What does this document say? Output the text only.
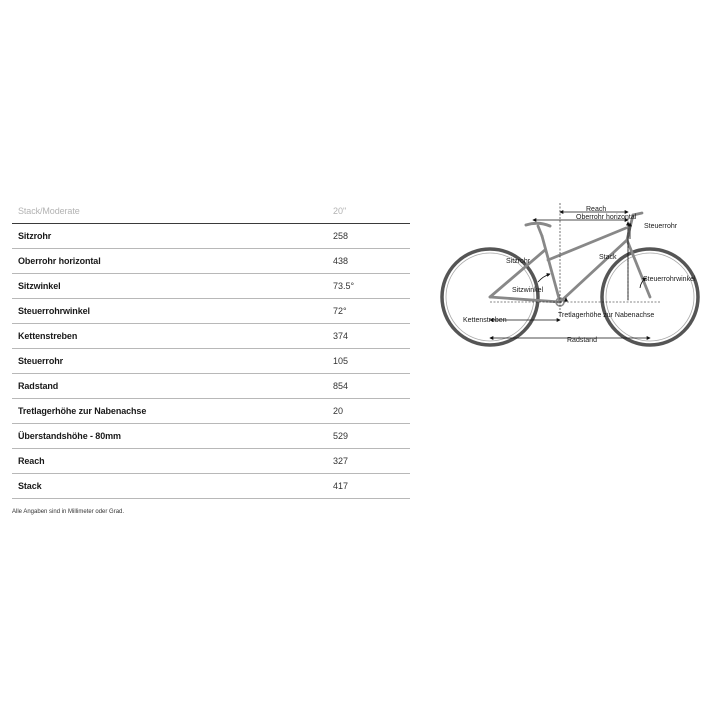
Stack/Moderate	20"
Sitzrohr	258
Oberrohr horizontal	438
Sitzwinkel	73.5°
Steuerrohrwinkel	72°
Kettenstreben	374
Steuerrohr	105
Radstand	854
Tretlagerhöhe zur Nabenachse	20
Überstandshöhe - 80mm	529
Reach	327
Stack	417
Alle Angaben sind in Millimeter oder Grad.
Reach
Oberrohr horizontal
Steuerrohr
Sitzrohr
Stack
Sitzwinkel
Steuerrohrwinkel
Kettenstreben
Tretlagerhöhe zur Nabenachse
Radstand
